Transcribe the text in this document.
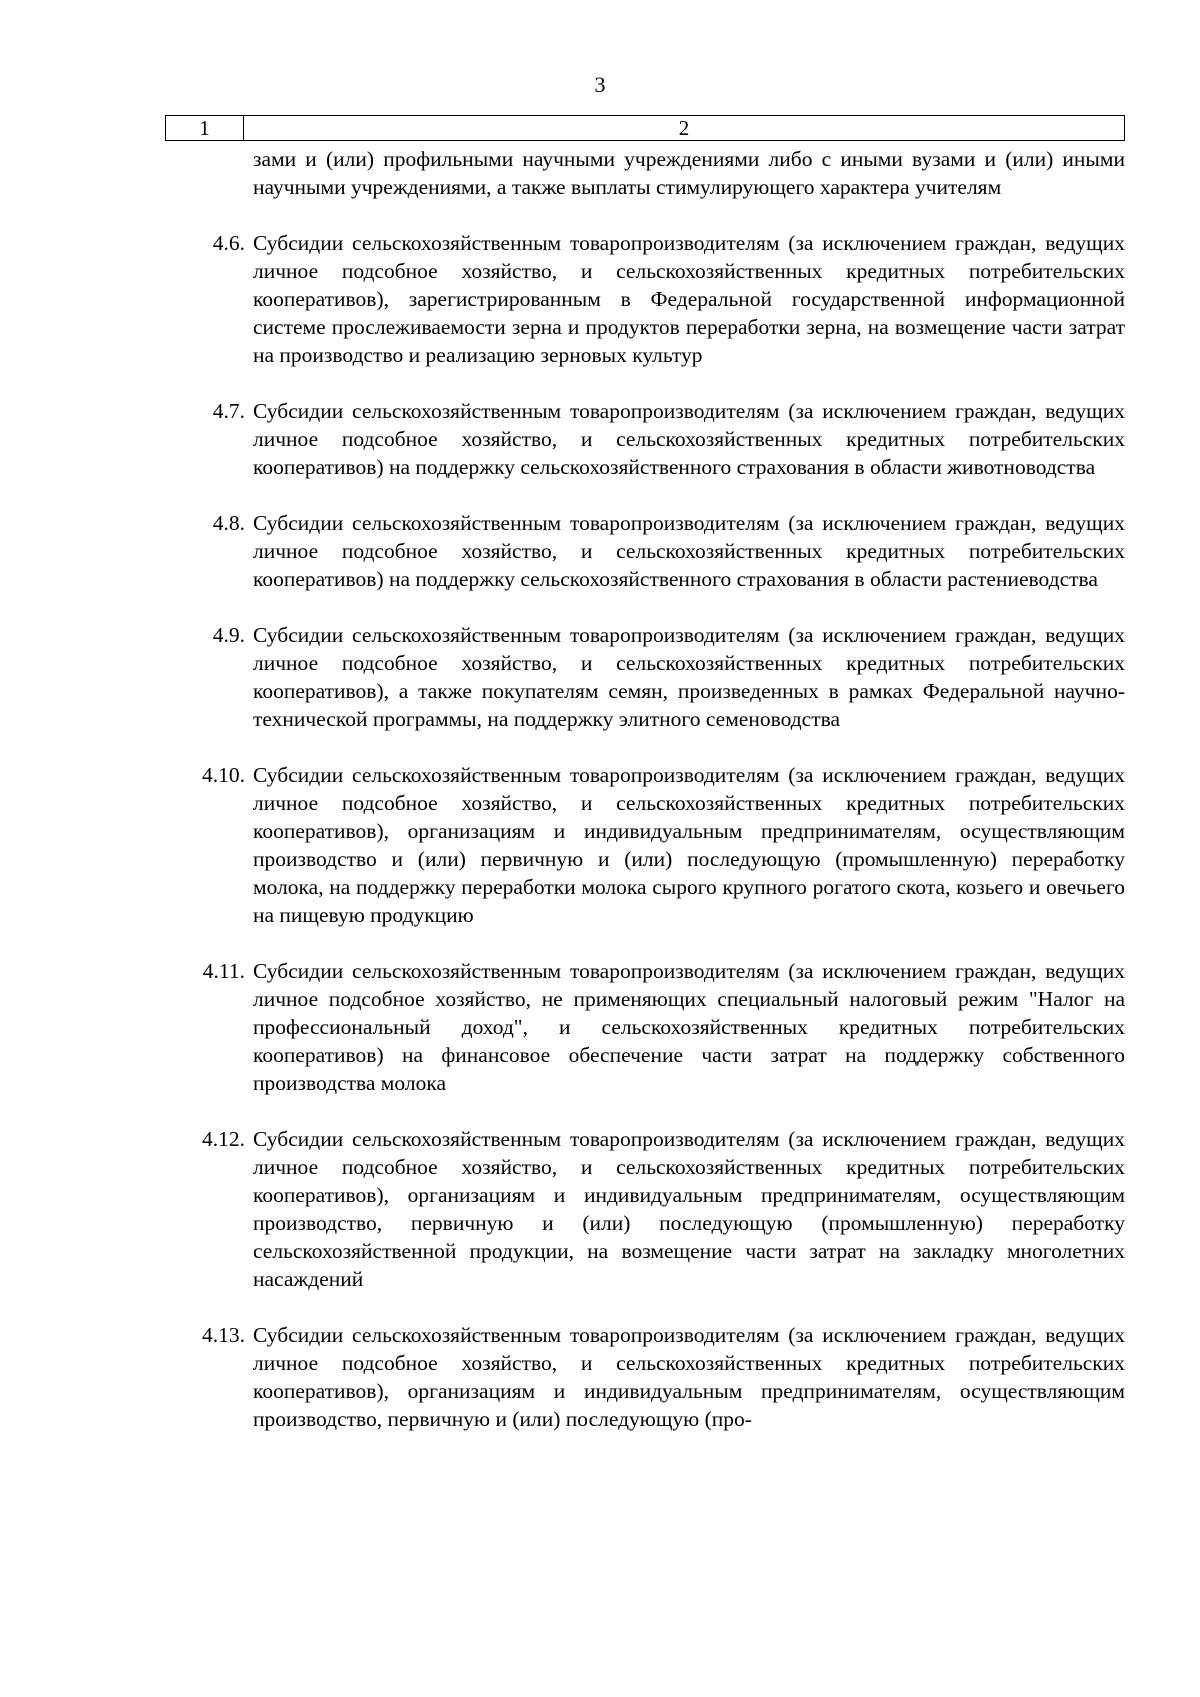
3
1	2
зами и (или) профильными научными учреждениями либо с иными вузами и (или) иными научными учреждениями, а также выплаты стимулирующего характера учителям
4.6. Субсидии сельскохозяйственным товаропроизводителям (за исключением граждан, ведущих личное подсобное хозяйство, и сельскохозяйственных кредитных потребительских кооперативов), зарегистрированным в Федеральной государственной информационной системе прослеживаемости зерна и продуктов переработки зерна, на возмещение части затрат на производство и реализацию зерновых культур
4.7. Субсидии сельскохозяйственным товаропроизводителям (за исключением граждан, ведущих личное подсобное хозяйство, и сельскохозяйственных кредитных потребительских кооперативов) на поддержку сельскохозяйственного страхования в области животноводства
4.8. Субсидии сельскохозяйственным товаропроизводителям (за исключением граждан, ведущих личное подсобное хозяйство, и сельскохозяйственных кредитных потребительских кооперативов) на поддержку сельскохозяйственного страхования в области растениеводства
4.9. Субсидии сельскохозяйственным товаропроизводителям (за исключением граждан, ведущих личное подсобное хозяйство, и сельскохозяйственных кредитных потребительских кооперативов), а также покупателям семян, произведенных в рамках Федеральной научно-технической программы, на поддержку элитного семеноводства
4.10. Субсидии сельскохозяйственным товаропроизводителям (за исключением граждан, ведущих личное подсобное хозяйство, и сельскохозяйственных кредитных потребительских кооперативов), организациям и индивидуальным предпринимателям, осуществляющим производство и (или) первичную и (или) последующую (промышленную) переработку молока, на поддержку переработки молока сырого крупного рогатого скота, козьего и овечьего на пищевую продукцию
4.11. Субсидии сельскохозяйственным товаропроизводителям (за исключением граждан, ведущих личное подсобное хозяйство, не применяющих специальный налоговый режим "Налог на профессиональный доход", и сельскохозяйственных кредитных потребительских кооперативов) на финансовое обеспечение части затрат на поддержку собственного производства молока
4.12. Субсидии сельскохозяйственным товаропроизводителям (за исключением граждан, ведущих личное подсобное хозяйство, и сельскохозяйственных кредитных потребительских кооперативов), организациям и индивидуальным предпринимателям, осуществляющим производство, первичную и (или) последующую (промышленную) переработку сельскохозяйственной продукции, на возмещение части затрат на закладку многолетних насаждений
4.13. Субсидии сельскохозяйственным товаропроизводителям (за исключением граждан, ведущих личное подсобное хозяйство, и сельскохозяйственных кредитных потребительских кооперативов), организациям и индивидуальным предпринимателям, осуществляющим производство, первичную и (или) последующую (про-
